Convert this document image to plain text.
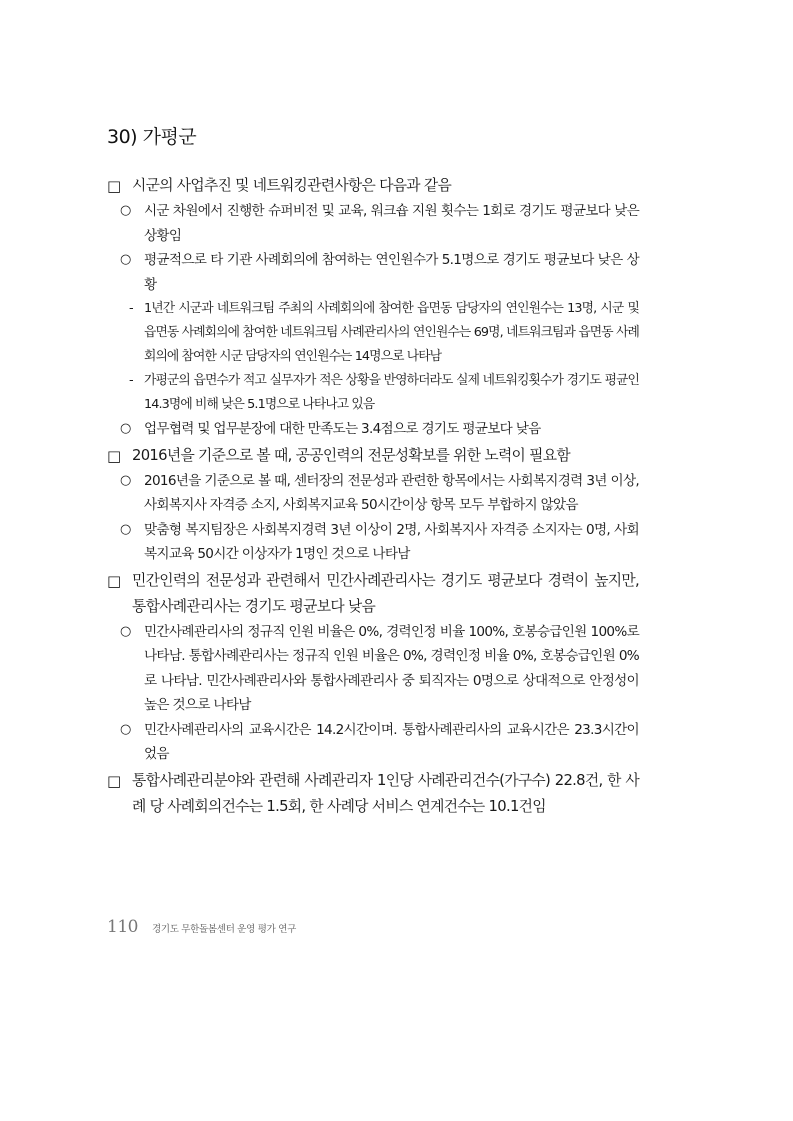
30) 가평군
□ 시군의 사업추진 및 네트워킹관련사항은 다음과 같음
○ 시군 차원에서 진행한 슈퍼비전 및 교육, 워크숍 지원 횟수는 1회로 경기도 평균보다 낮은 상황임
○ 평균적으로 타 기관 사례회의에 참여하는 연인원수가 5.1명으로 경기도 평균보다 낮은 상황
- 1년간 시군과 네트워크팀 주최의 사례회의에 참여한 읍면동 담당자의 연인원수는 13명, 시군 및 읍면동 사례회의에 참여한 네트워크팀 사례관리사의 연인원수는 69명, 네트워크팀과 읍면동 사례회의에 참여한 시군 담당자의 연인원수는 14명으로 나타남
- 가평군의 읍면수가 적고 실무자가 적은 상황을 반영하더라도 실제 네트워킹횟수가 경기도 평균인 14.3명에 비해 낮은 5.1명으로 나타나고 있음
○ 업무협력 및 업무분장에 대한 만족도는 3.4점으로 경기도 평균보다 낮음
□ 2016년을 기준으로 볼 때, 공공인력의 전문성확보를 위한 노력이 필요함
○ 2016년을 기준으로 볼 때, 센터장의 전문성과 관련한 항목에서는 사회복지경력 3년 이상, 사회복지사 자격증 소지, 사회복지교육 50시간이상 항목 모두 부합하지 않았음
○ 맞춤형 복지팀장은 사회복지경력 3년 이상이 2명, 사회복지사 자격증 소지자는 0명, 사회복지교육 50시간 이상자가 1명인 것으로 나타남
□ 민간인력의 전문성과 관련해서 민간사례관리사는 경기도 평균보다 경력이 높지만, 통합사례관리사는 경기도 평균보다 낮음
○ 민간사례관리사의 정규직 인원 비율은 0%, 경력인정 비율 100%, 호봉승급인원 100%로 나타남. 통합사례관리사는 정규직 인원 비율은 0%, 경력인정 비율 0%, 호봉승급인원 0%로 나타남. 민간사례관리사와 통합사례관리사 중 퇴직자는 0명으로 상대적으로 안정성이 높은 것으로 나타남
○ 민간사례관리사의 교육시간은 14.2시간이며. 통합사례관리사의 교육시간은 23.3시간이었음
□ 통합사례관리분야와 관련해 사례관리자 1인당 사례관리건수(가구수) 22.8건, 한 사례 당 사례회의건수는 1.5회, 한 사례당 서비스 연계건수는 10.1건임
110 경기도 무한돌봄센터 운영 평가 연구
